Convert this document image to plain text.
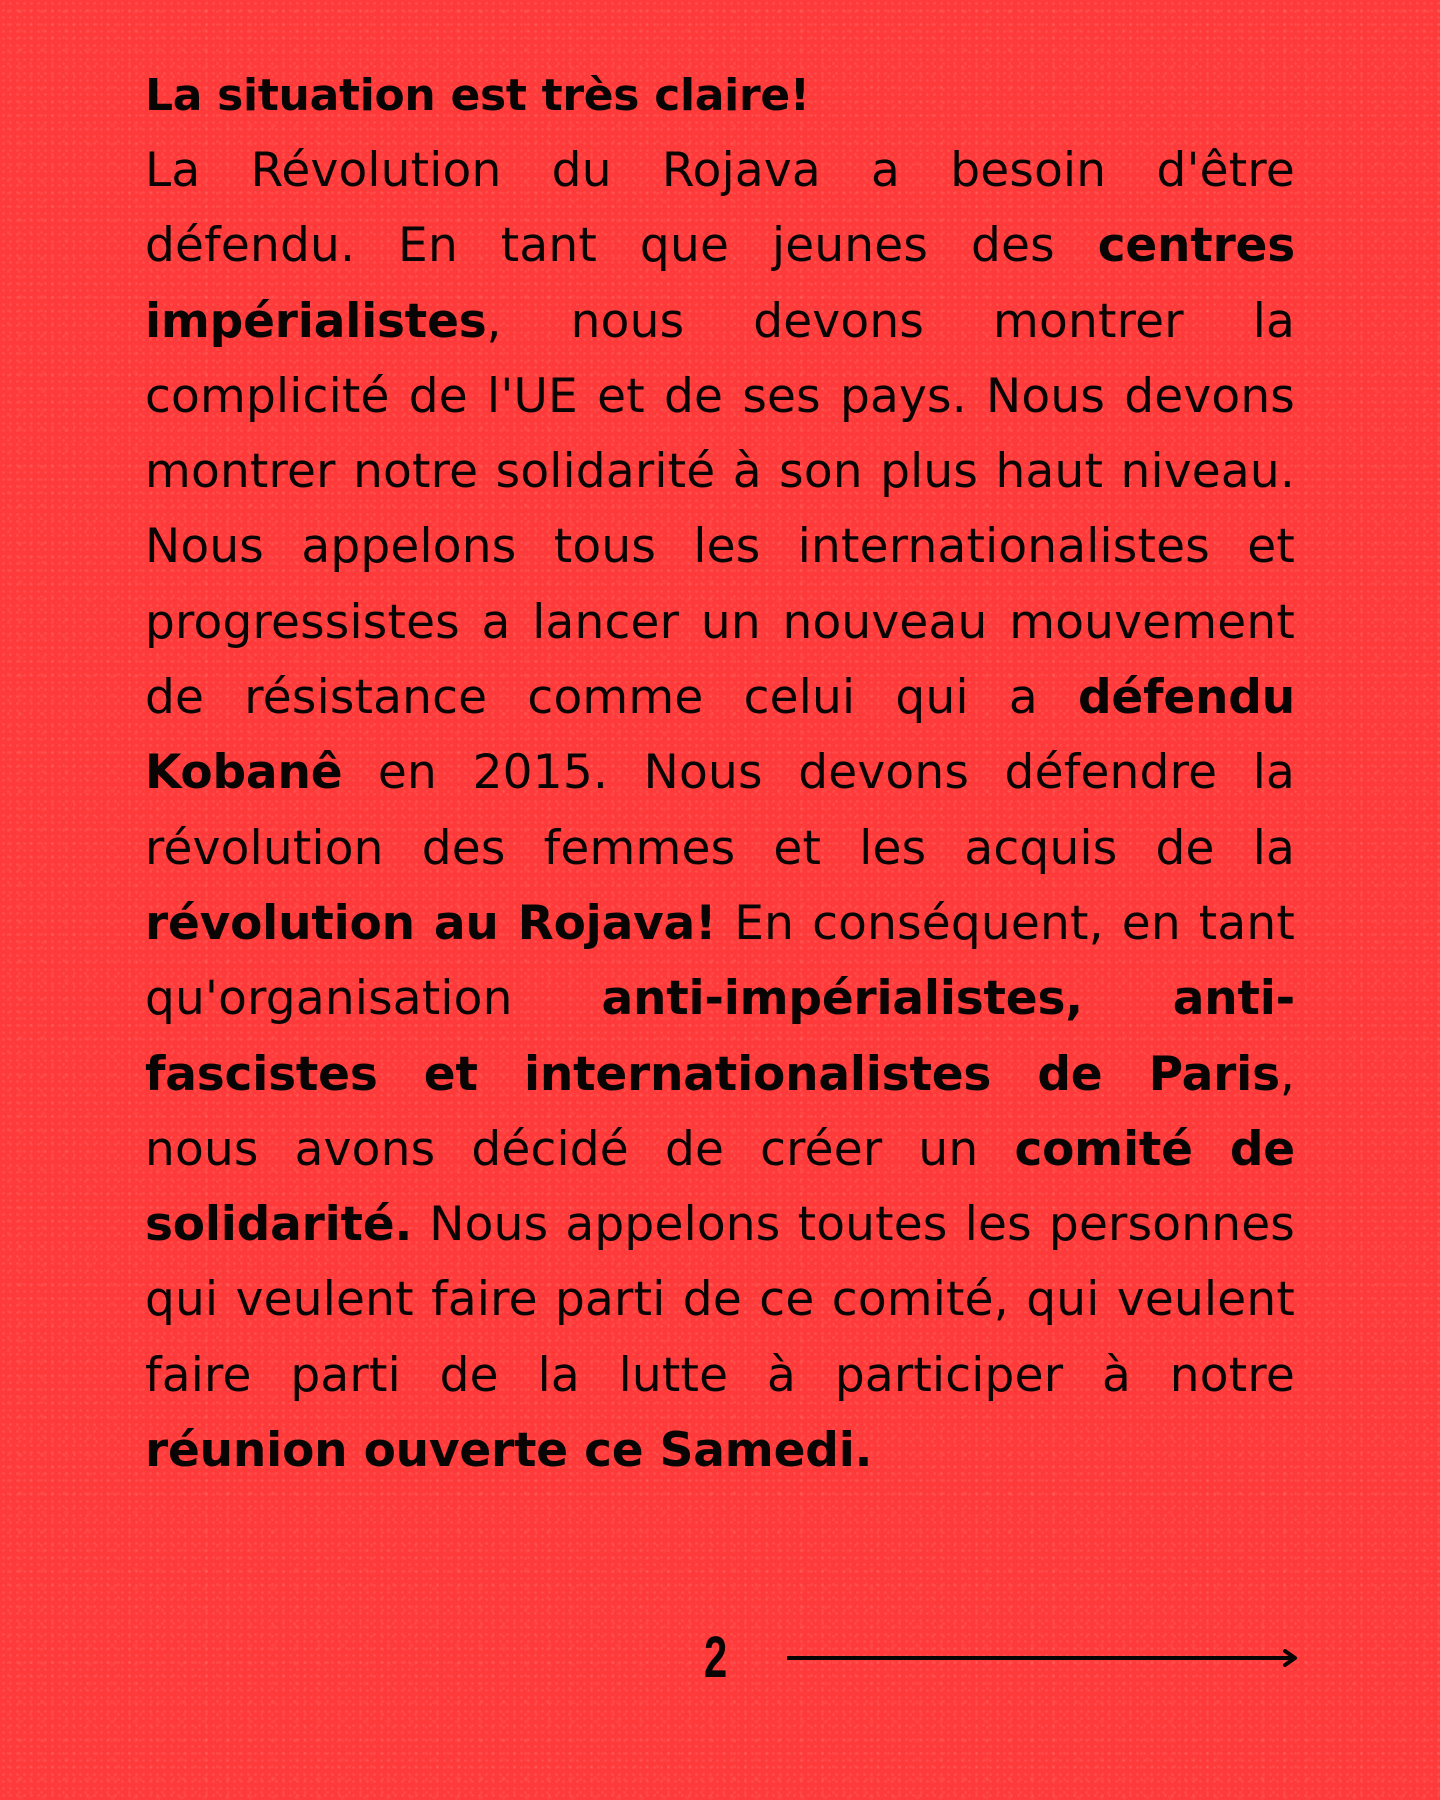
La situation est très claire!

La Révolution du Rojava a besoin d'être défendu. En tant que jeunes des centres impérialistes, nous devons montrer la complicité de l'UE et de ses pays. Nous devons montrer notre solidarité à son plus haut niveau. Nous appelons tous les internationalistes et progressistes a lancer un nouveau mouvement de résistance comme celui qui a défendu Kobanê en 2015. Nous devons défendre la révolution des femmes et les acquis de la révolution au Rojava! En conséquent, en tant qu'organisation anti-impérialistes, anti-fascistes et internationalistes de Paris, nous avons décidé de créer un comité de solidarité. Nous appelons toutes les personnes qui veulent faire parti de ce comité, qui veulent faire parti de la lutte à participer à notre réunion ouverte ce Samedi.

2
